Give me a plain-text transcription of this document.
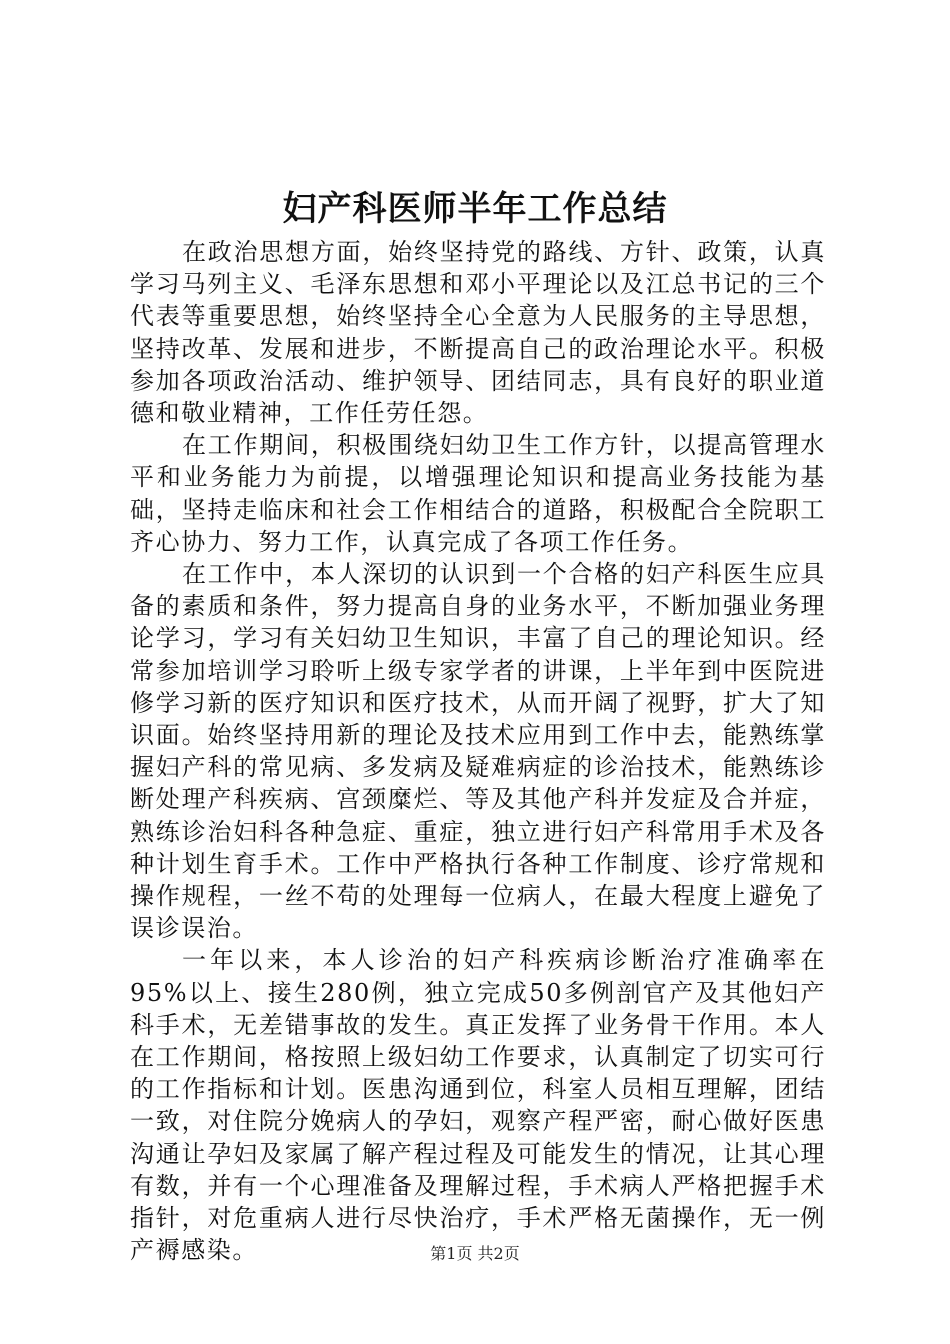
妇产科医师半年工作总结

在政治思想方面，始终坚持党的路线、方针、政策，认真学习马列主义、毛泽东思想和邓小平理论以及江总书记的三个代表等重要思想，始终坚持全心全意为人民服务的主导思想，坚持改革、发展和进步，不断提高自己的政治理论水平。积极参加各项政治活动、维护领导、团结同志，具有良好的职业道德和敬业精神，工作任劳任怨。

在工作期间，积极围绕妇幼卫生工作方针，以提高管理水平和业务能力为前提，以增强理论知识和提高业务技能为基础，坚持走临床和社会工作相结合的道路，积极配合全院职工齐心协力、努力工作，认真完成了各项工作任务。

在工作中，本人深切的认识到一个合格的妇产科医生应具备的素质和条件，努力提高自身的业务水平，不断加强业务理论学习，学习有关妇幼卫生知识，丰富了自己的理论知识。经常参加培训学习聆听上级专家学者的讲课，上半年到中医院进修学习新的医疗知识和医疗技术，从而开阔了视野，扩大了知识面。始终坚持用新的理论及技术应用到工作中去，能熟练掌握妇产科的常见病、多发病及疑难病症的诊治技术，能熟练诊断处理产科疾病、宫颈糜烂、等及其他产科并发症及合并症，熟练诊治妇科各种急症、重症，独立进行妇产科常用手术及各种计划生育手术。工作中严格执行各种工作制度、诊疗常规和操作规程，一丝不苟的处理每一位病人，在最大程度上避免了误诊误治。

一年以来，本人诊治的妇产科疾病诊断治疗准确率在95%以上、接生280例，独立完成50多例剖官产及其他妇产科手术，无差错事故的发生。真正发挥了业务骨干作用。本人在工作期间，格按照上级妇幼工作要求，认真制定了切实可行的工作指标和计划。医患沟通到位，科室人员相互理解，团结一致，对住院分娩病人的孕妇，观察产程严密，耐心做好医患沟通让孕妇及家属了解产程过程及可能发生的情况，让其心理有数，并有一个心理准备及理解过程，手术病人严格把握手术指针，对危重病人进行尽快治疗，手术严格无菌操作，无一例产褥感染。	第1页 共2页
